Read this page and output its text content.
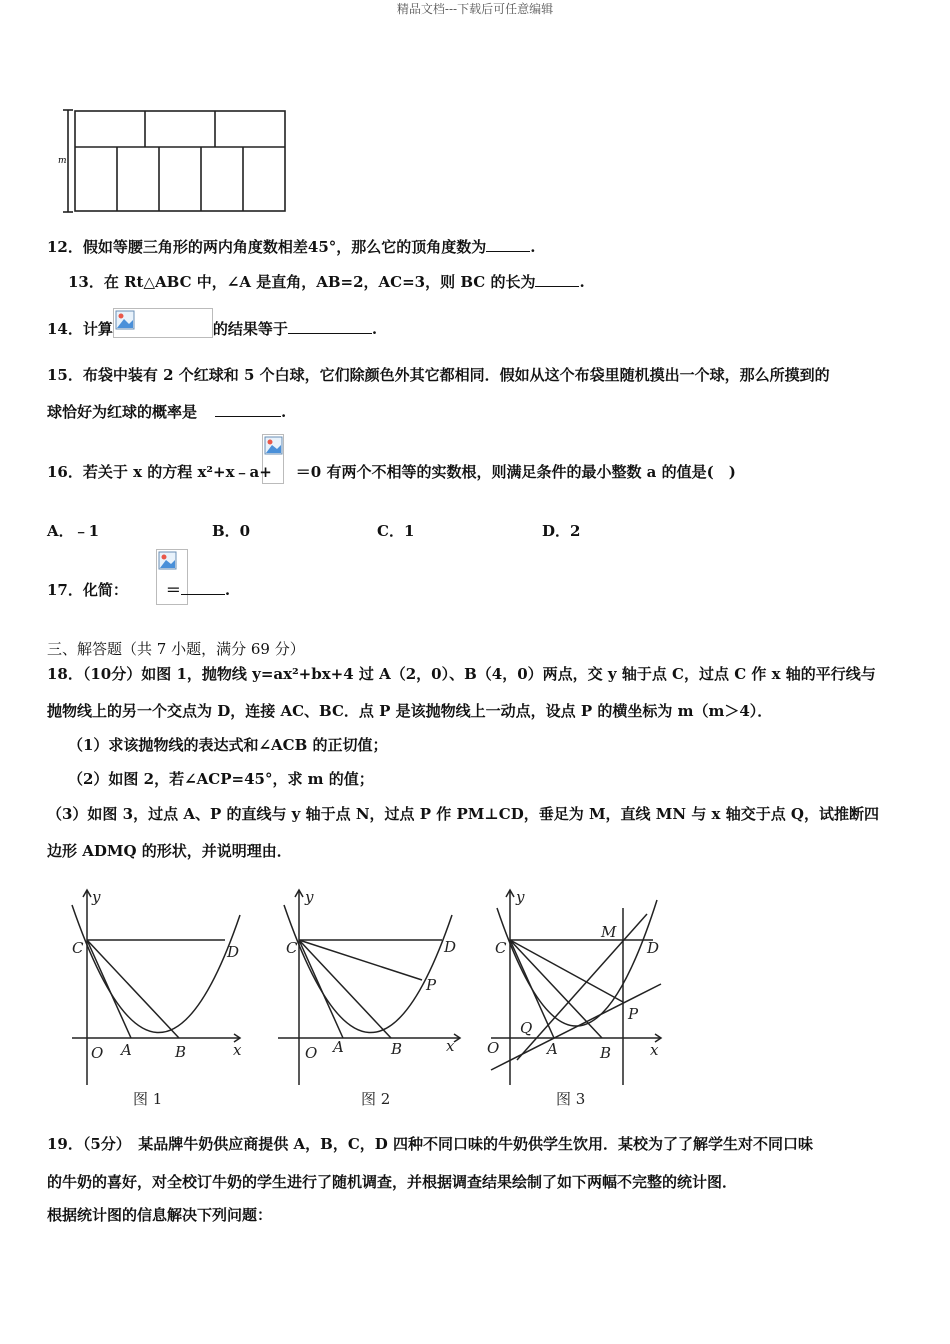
精品文档---下载后可任意编辑
m
12．假如等腰三角形的两内角度数相差45°，那么它的顶角度数为	.
13．在 Rt△ABC 中，∠A 是直角，AB=2，AC=3，则 BC 的长为	.
14．计算	的结果等于	.
15．布袋中装有 2 个红球和 5 个白球，它们除颜色外其它都相同．假如从这个布袋里随机摸出一个球，那么所摸到的
球恰好为红球的概率是	.

16．若关于 x 的方程 x²+x﹣a+ ＝0 有两个不相等的实数根，则满足条件的最小整数 a 的值是(　)
A．﹣1	B．0	C．1	D．2
17．化简：	＝	.
三、解答题（共 7 小题，满分 69 分）
18．（10分）如图 1，抛物线 y=ax²+bx+4 过 A（2，0）、B（4，0）两点，交 y 轴于点 C，过点 C 作 x 轴的平行线与
抛物线上的另一个交点为 D，连接 AC、BC．点 P 是该抛物线上一动点，设点 P 的横坐标为 m（m＞4）．
（1）求该抛物线的表达式和∠ACB 的正切值；
（2）如图 2，若∠ACP=45°，求 m 的值；
（3）如图 3，过点 A、P 的直线与 y 轴于点 N，过点 P 作 PM⊥CD，垂足为 M，直线 MN 与 x 轴交于点 Q，试推断四
边形 ADMQ 的形状，并说明理由．
y
C	D
O A	B	x
图 1
y
C	D
P
O A	B	x
图 2
y
C
M
D
P
Q
O	A	B	x
图 3
19．（5分）　某品牌牛奶供应商提供 A，B，C，D 四种不同口味的牛奶供学生饮用．某校为了了解学生对不同口味
的牛奶的喜好，对全校订牛奶的学生进行了随机调查，并根据调查结果绘制了如下两幅不完整的统计图．
根据统计图的信息解决下列问题：
